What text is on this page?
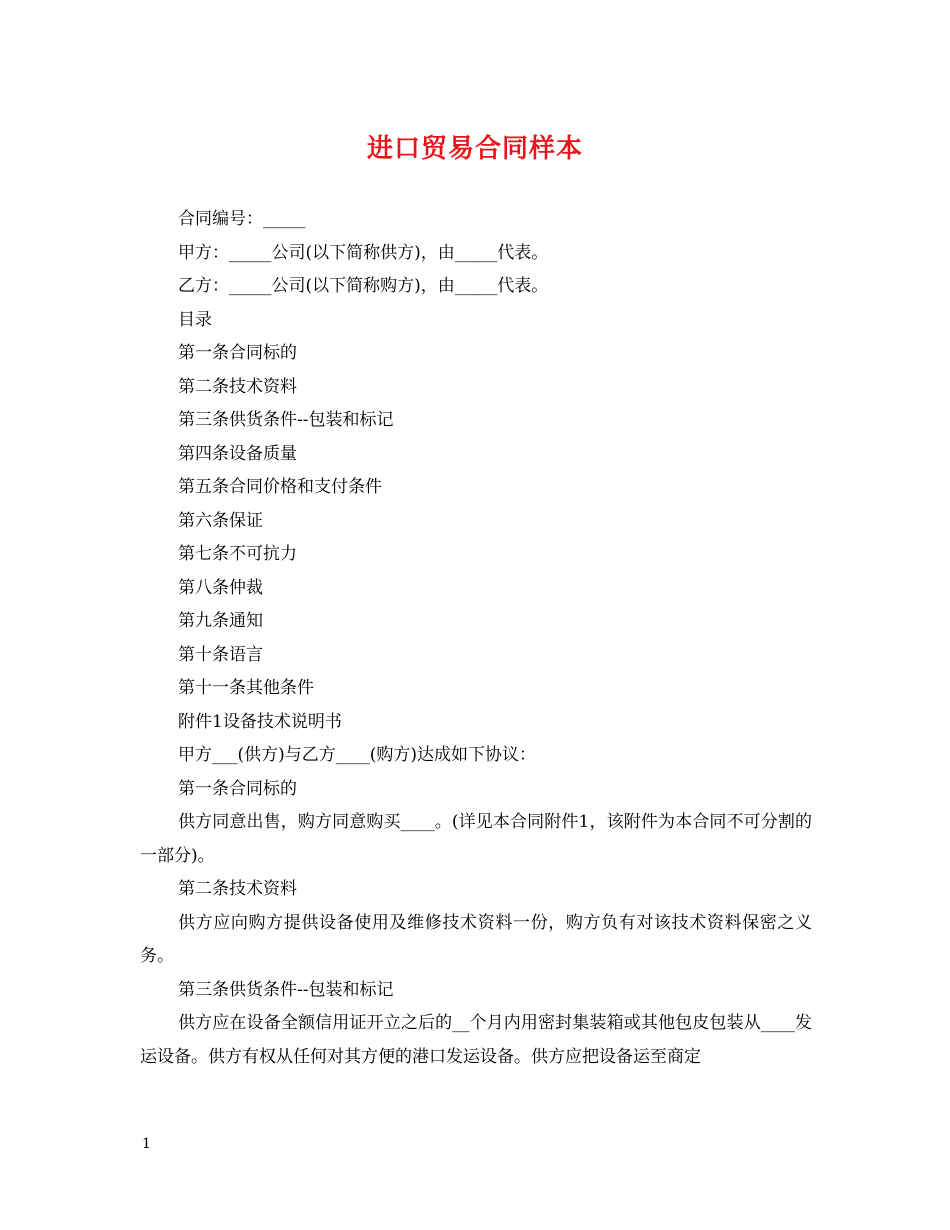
进口贸易合同样本

合同编号：_____

甲方：_____公司(以下简称供方)，由_____代表。

乙方：_____公司(以下简称购方)，由_____代表。

目录

第一条合同标的

第二条技术资料

第三条供货条件--包装和标记

第四条设备质量

第五条合同价格和支付条件

第六条保证

第七条不可抗力

第八条仲裁

第九条通知

第十条语言

第十一条其他条件

附件1设备技术说明书

甲方___(供方)与乙方____(购方)达成如下协议：

第一条合同标的

供方同意出售，购方同意购买____。(详见本合同附件1，该附件为本合同不可分割的一部分)。

第二条技术资料

供方应向购方提供设备使用及维修技术资料一份，购方负有对该技术资料保密之义务。

第三条供货条件--包装和标记

供方应在设备全额信用证开立之后的__个月内用密封集装箱或其他包皮包装从____发运设备。供方有权从任何对其方便的港口发运设备。供方应把设备运至商定

1
